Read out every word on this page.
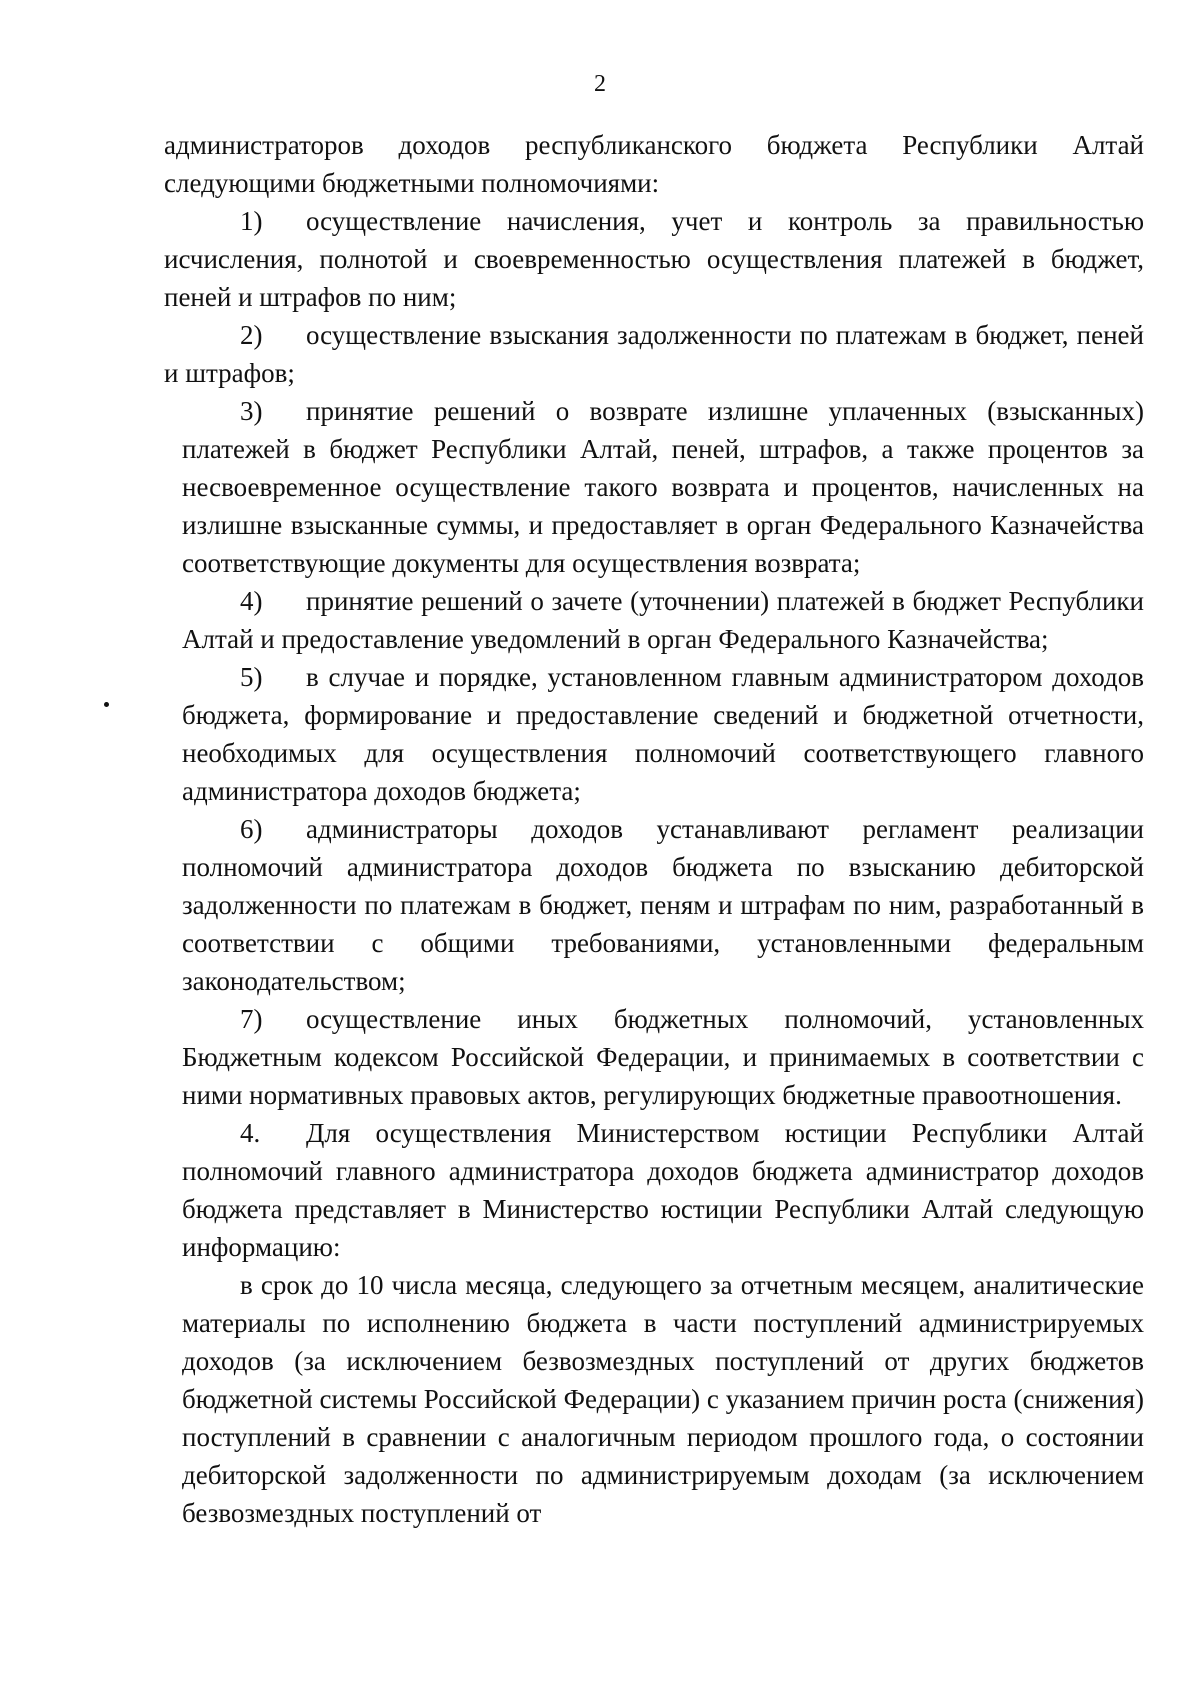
2

администраторов доходов республиканского бюджета Республики Алтай следующими бюджетными полномочиями:

1) осуществление начисления, учет и контроль за правильностью исчисления, полнотой и своевременностью осуществления платежей в бюджет, пеней и штрафов по ним;

2) осуществление взыскания задолженности по платежам в бюджет, пеней и штрафов;

3) принятие решений о возврате излишне уплаченных (взысканных) платежей в бюджет Республики Алтай, пеней, штрафов, а также процентов за несвоевременное осуществление такого возврата и процентов, начисленных на излишне взысканные суммы, и предоставляет в орган Федерального Казначейства соответствующие документы для осуществления возврата;

4) принятие решений о зачете (уточнении) платежей в бюджет Республики Алтай и предоставление уведомлений в орган Федерального Казначейства;

5) в случае и порядке, установленном главным администратором доходов бюджета, формирование и предоставление сведений и бюджетной отчетности, необходимых для осуществления полномочий соответствующего главного администратора доходов бюджета;

6) администраторы доходов устанавливают регламент реализации полномочий администратора доходов бюджета по взысканию дебиторской задолженности по платежам в бюджет, пеням и штрафам по ним, разработанный в соответствии с общими требованиями, установленными федеральным законодательством;

7) осуществление иных бюджетных полномочий, установленных Бюджетным кодексом Российской Федерации, и принимаемых в соответствии с ними нормативных правовых актов, регулирующих бюджетные правоотношения.

4. Для осуществления Министерством юстиции Республики Алтай полномочий главного администратора доходов бюджета администратор доходов бюджета представляет в Министерство юстиции Республики Алтай следующую информацию:

в срок до 10 числа месяца, следующего за отчетным месяцем, аналитические материалы по исполнению бюджета в части поступлений администрируемых доходов (за исключением безвозмездных поступлений от других бюджетов бюджетной системы Российской Федерации) с указанием причин роста (снижения) поступлений в сравнении с аналогичным периодом прошлого года, о состоянии дебиторской задолженности по администрируемым доходам (за исключением безвозмездных поступлений от
